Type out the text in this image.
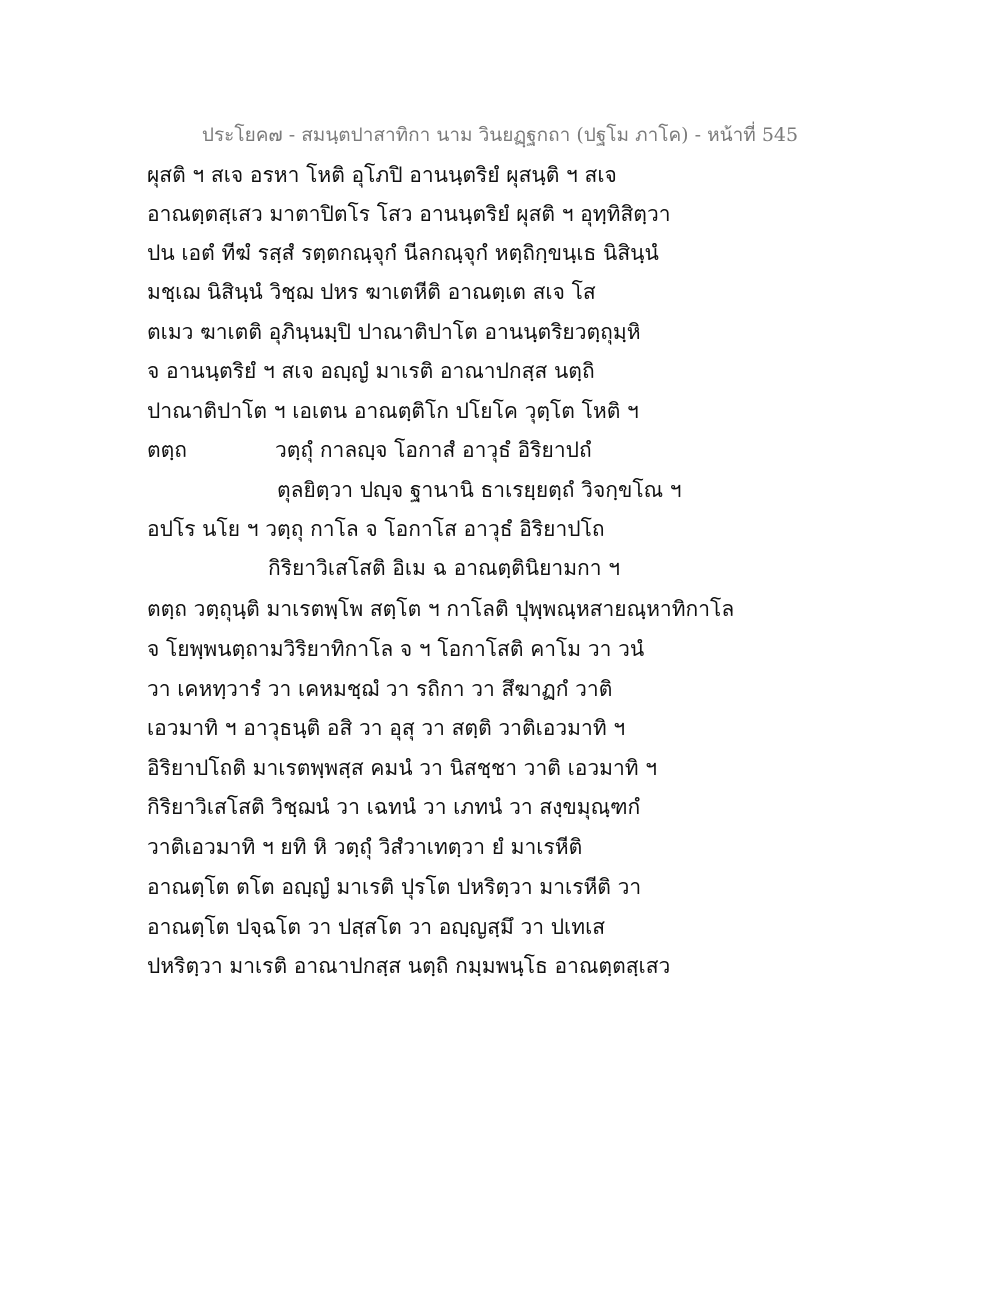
ประโยค๗ - สมนฺตปาสาทิกา นาม วินยฏฺฐกถา (ปฐโม ภาโค) - หน้าที่ 545
ผุสติ ฯ สเจ อรหา โหติ อุโภปิ อานนฺตริยํ ผุสนฺติ ฯ สเจ
อาณตฺตสฺเสว มาตาปิตโร โสว อานนฺตริยํ ผุสติ ฯ อุทฺทิสิตฺวา
ปน เอตํ ทีฆํ รสฺสํ รตฺตกณฺจุกํ นีลกณฺจุกํ หตฺถิกฺขนฺเธ นิสินฺนํ
มชฺเฌ นิสินฺนํ วิชฺฌ ปหร ฆาเตหีติ อาณตฺเต สเจ โส
ตเมว ฆาเตติ อุภินฺนมฺปิ ปาณาติปาโต อานนฺตริยวตฺถุมฺหิ
จ อานนฺตริยํ ฯ สเจ อญฺญํ มาเรติ อาณาปกสฺส นตฺถิ
ปาณาติปาโต ฯ เอเตน อาณตฺติโก ปโยโค วุตฺโต โหติ ฯ
ตตฺถ	วตฺถุํ กาลญฺจ โอกาสํ อาวุธํ อิริยาปถํ
ตุลยิตฺวา ปญฺจ ฐานานิ ธาเรยฺยตฺถํ วิจกฺขโณ ฯ
อปโร นโย ฯ วตฺถุ กาโล จ โอกาโส อาวุธํ อิริยาปโถ
กิริยาวิเสโสติ อิเม ฉ อาณตฺตินิยามกา ฯ
ตตฺถ วตฺถุนฺติ มาเรตพฺโพ สตฺโต ฯ กาโลติ ปุพฺพณฺหสายณฺหาทิกาโล
จ โยพฺพนตฺถามวิริยาทิกาโล จ ฯ โอกาโสติ คาโม วา วนํ
วา เคหทฺวารํ วา เคหมชฺฌํ วา รถิกา วา สึฆาฏกํ วาติ
เอวมาทิ ฯ อาวุธนฺติ อสิ วา อุสุ วา สตฺติ วาติเอวมาทิ ฯ
อิริยาปโถติ มาเรตพฺพสฺส คมนํ วา นิสชฺชา วาติ เอวมาทิ ฯ
กิริยาวิเสโสติ วิชฺฌนํ วา เฉทนํ วา เภทนํ วา สงฺขมุณฺฑกํ
วาติเอวมาทิ ฯ ยทิ หิ วตฺถุํ วิสํวาเทตฺวา ยํ มาเรหีติ
อาณตฺโต ตโต อญฺญํ มาเรติ ปุรโต ปหริตฺวา มาเรหีติ วา
อาณตฺโต ปจฺฉโต วา ปสฺสโต วา อญฺญสฺมึ วา ปเทเส
ปหริตฺวา มาเรติ อาณาปกสฺส นตฺถิ กมฺมพนฺโธ อาณตฺตสฺเสว
